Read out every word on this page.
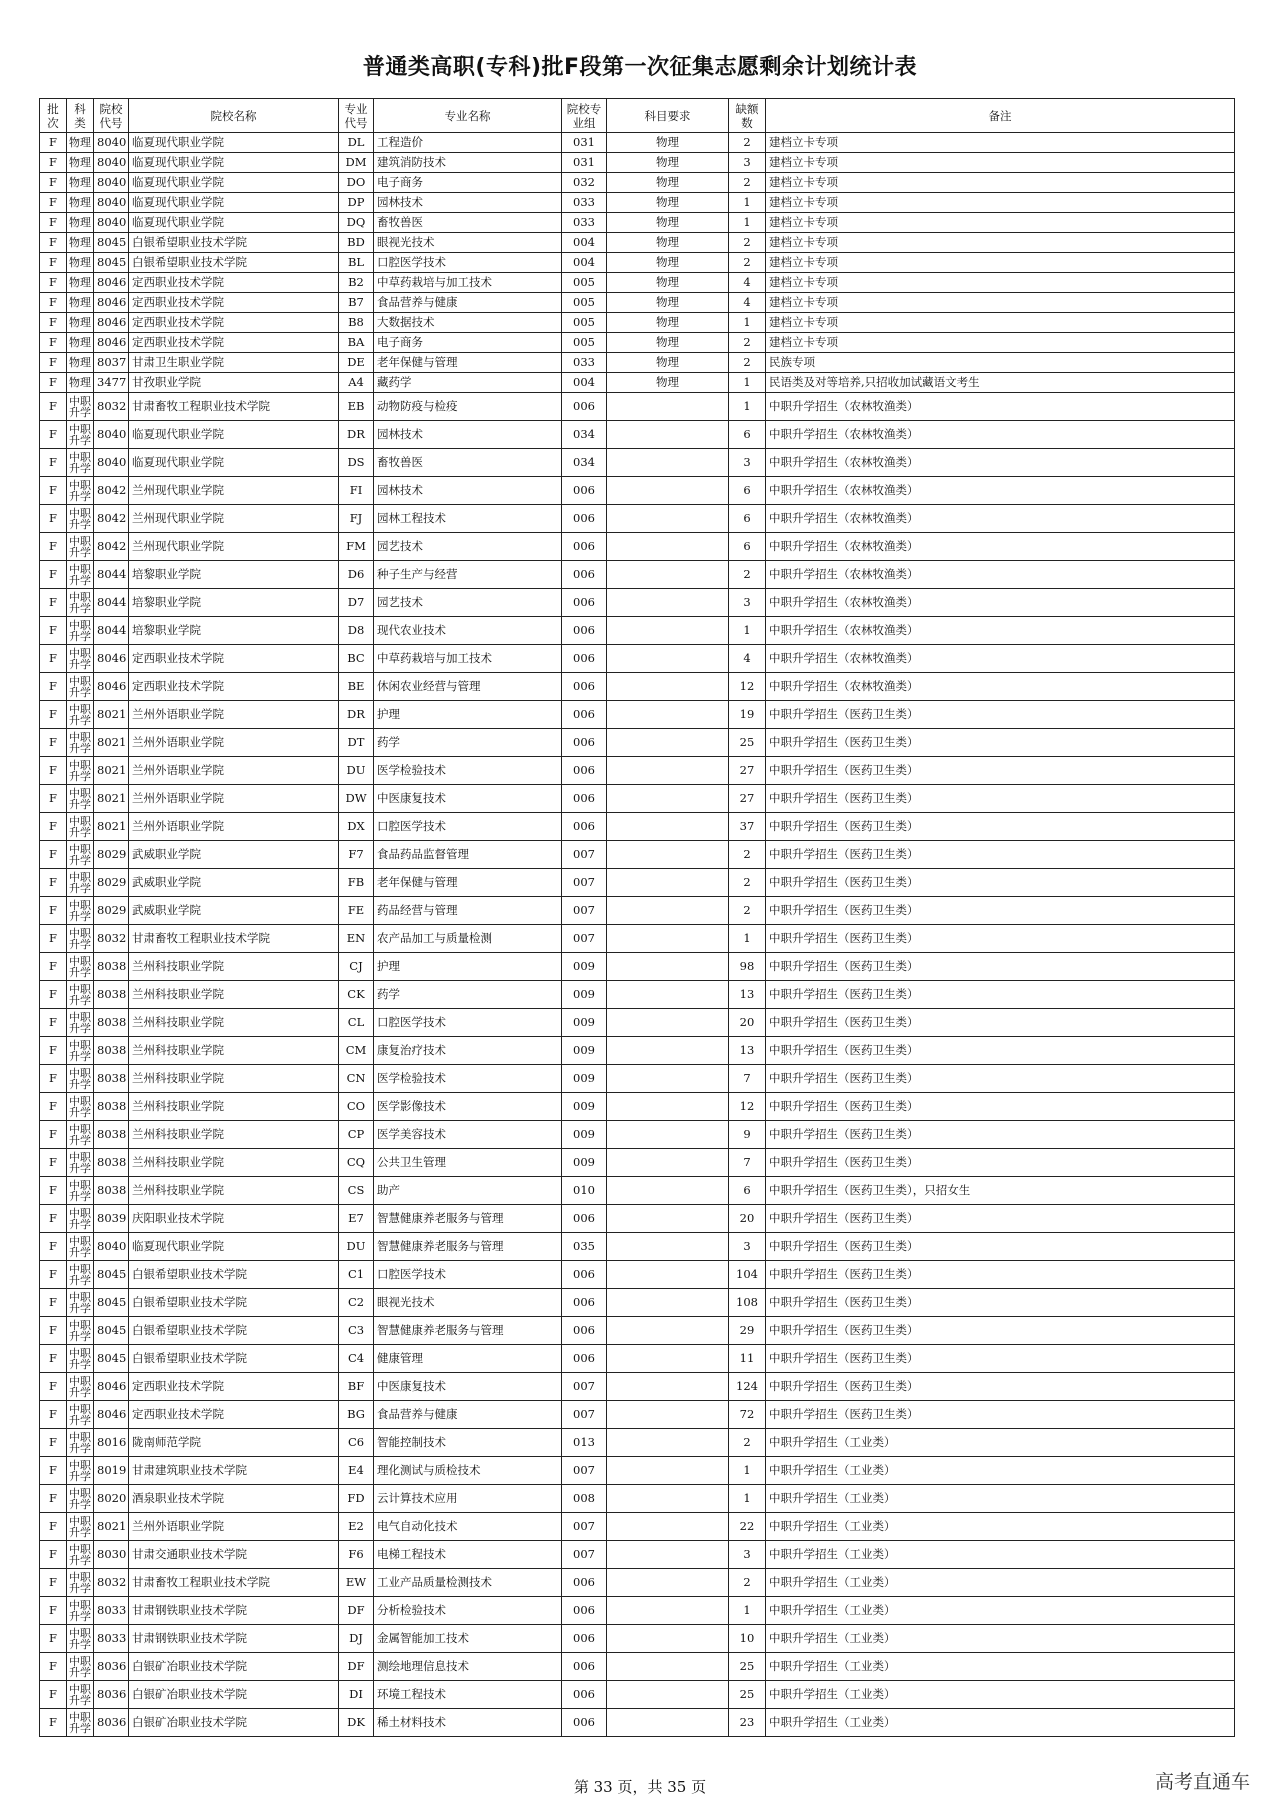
普通类高职(专科)批F段第一次征集志愿剩余计划统计表
批次	科类	院校代号	院校名称	专业代号	专业名称	院校专业组	科目要求	缺额数	备注
F	物理	8040	临夏现代职业学院	DL	工程造价	031	物理	2	建档立卡专项
F	物理	8040	临夏现代职业学院	DM	建筑消防技术	031	物理	3	建档立卡专项
F	物理	8040	临夏现代职业学院	DO	电子商务	032	物理	2	建档立卡专项
F	物理	8040	临夏现代职业学院	DP	园林技术	033	物理	1	建档立卡专项
F	物理	8040	临夏现代职业学院	DQ	畜牧兽医	033	物理	1	建档立卡专项
F	物理	8045	白银希望职业技术学院	BD	眼视光技术	004	物理	2	建档立卡专项
F	物理	8045	白银希望职业技术学院	BL	口腔医学技术	004	物理	2	建档立卡专项
F	物理	8046	定西职业技术学院	B2	中草药栽培与加工技术	005	物理	4	建档立卡专项
F	物理	8046	定西职业技术学院	B7	食品营养与健康	005	物理	4	建档立卡专项
F	物理	8046	定西职业技术学院	B8	大数据技术	005	物理	1	建档立卡专项
F	物理	8046	定西职业技术学院	BA	电子商务	005	物理	2	建档立卡专项
F	物理	8037	甘肃卫生职业学院	DE	老年保健与管理	033	物理	2	民族专项
F	物理	3477	甘孜职业学院	A4	藏药学	004	物理	1	民语类及对等培养,只招收加试藏语文考生
F	中职升学	8032	甘肃畜牧工程职业技术学院	EB	动物防疫与检疫	006		1	中职升学招生（农林牧渔类）
F	中职升学	8040	临夏现代职业学院	DR	园林技术	034		6	中职升学招生（农林牧渔类）
F	中职升学	8040	临夏现代职业学院	DS	畜牧兽医	034		3	中职升学招生（农林牧渔类）
F	中职升学	8042	兰州现代职业学院	FI	园林技术	006		6	中职升学招生（农林牧渔类）
F	中职升学	8042	兰州现代职业学院	FJ	园林工程技术	006		6	中职升学招生（农林牧渔类）
F	中职升学	8042	兰州现代职业学院	FM	园艺技术	006		6	中职升学招生（农林牧渔类）
F	中职升学	8044	培黎职业学院	D6	种子生产与经营	006		2	中职升学招生（农林牧渔类）
F	中职升学	8044	培黎职业学院	D7	园艺技术	006		3	中职升学招生（农林牧渔类）
F	中职升学	8044	培黎职业学院	D8	现代农业技术	006		1	中职升学招生（农林牧渔类）
F	中职升学	8046	定西职业技术学院	BC	中草药栽培与加工技术	006		4	中职升学招生（农林牧渔类）
F	中职升学	8046	定西职业技术学院	BE	休闲农业经营与管理	006		12	中职升学招生（农林牧渔类）
F	中职升学	8021	兰州外语职业学院	DR	护理	006		19	中职升学招生（医药卫生类）
F	中职升学	8021	兰州外语职业学院	DT	药学	006		25	中职升学招生（医药卫生类）
F	中职升学	8021	兰州外语职业学院	DU	医学检验技术	006		27	中职升学招生（医药卫生类）
F	中职升学	8021	兰州外语职业学院	DW	中医康复技术	006		27	中职升学招生（医药卫生类）
F	中职升学	8021	兰州外语职业学院	DX	口腔医学技术	006		37	中职升学招生（医药卫生类）
F	中职升学	8029	武威职业学院	F7	食品药品监督管理	007		2	中职升学招生（医药卫生类）
F	中职升学	8029	武威职业学院	FB	老年保健与管理	007		2	中职升学招生（医药卫生类）
F	中职升学	8029	武威职业学院	FE	药品经营与管理	007		2	中职升学招生（医药卫生类）
F	中职升学	8032	甘肃畜牧工程职业技术学院	EN	农产品加工与质量检测	007		1	中职升学招生（医药卫生类）
F	中职升学	8038	兰州科技职业学院	CJ	护理	009		98	中职升学招生（医药卫生类）
F	中职升学	8038	兰州科技职业学院	CK	药学	009		13	中职升学招生（医药卫生类）
F	中职升学	8038	兰州科技职业学院	CL	口腔医学技术	009		20	中职升学招生（医药卫生类）
F	中职升学	8038	兰州科技职业学院	CM	康复治疗技术	009		13	中职升学招生（医药卫生类）
F	中职升学	8038	兰州科技职业学院	CN	医学检验技术	009		7	中职升学招生（医药卫生类）
F	中职升学	8038	兰州科技职业学院	CO	医学影像技术	009		12	中职升学招生（医药卫生类）
F	中职升学	8038	兰州科技职业学院	CP	医学美容技术	009		9	中职升学招生（医药卫生类）
F	中职升学	8038	兰州科技职业学院	CQ	公共卫生管理	009		7	中职升学招生（医药卫生类）
F	中职升学	8038	兰州科技职业学院	CS	助产	010		6	中职升学招生（医药卫生类），只招女生
F	中职升学	8039	庆阳职业技术学院	E7	智慧健康养老服务与管理	006		20	中职升学招生（医药卫生类）
F	中职升学	8040	临夏现代职业学院	DU	智慧健康养老服务与管理	035		3	中职升学招生（医药卫生类）
F	中职升学	8045	白银希望职业技术学院	C1	口腔医学技术	006		104	中职升学招生（医药卫生类）
F	中职升学	8045	白银希望职业技术学院	C2	眼视光技术	006		108	中职升学招生（医药卫生类）
F	中职升学	8045	白银希望职业技术学院	C3	智慧健康养老服务与管理	006		29	中职升学招生（医药卫生类）
F	中职升学	8045	白银希望职业技术学院	C4	健康管理	006		11	中职升学招生（医药卫生类）
F	中职升学	8046	定西职业技术学院	BF	中医康复技术	007		124	中职升学招生（医药卫生类）
F	中职升学	8046	定西职业技术学院	BG	食品营养与健康	007		72	中职升学招生（医药卫生类）
F	中职升学	8016	陇南师范学院	C6	智能控制技术	013		2	中职升学招生（工业类）
F	中职升学	8019	甘肃建筑职业技术学院	E4	理化测试与质检技术	007		1	中职升学招生（工业类）
F	中职升学	8020	酒泉职业技术学院	FD	云计算技术应用	008		1	中职升学招生（工业类）
F	中职升学	8021	兰州外语职业学院	E2	电气自动化技术	007		22	中职升学招生（工业类）
F	中职升学	8030	甘肃交通职业技术学院	F6	电梯工程技术	007		3	中职升学招生（工业类）
F	中职升学	8032	甘肃畜牧工程职业技术学院	EW	工业产品质量检测技术	006		2	中职升学招生（工业类）
F	中职升学	8033	甘肃钢铁职业技术学院	DF	分析检验技术	006		1	中职升学招生（工业类）
F	中职升学	8033	甘肃钢铁职业技术学院	DJ	金属智能加工技术	006		10	中职升学招生（工业类）
F	中职升学	8036	白银矿冶职业技术学院	DF	测绘地理信息技术	006		25	中职升学招生（工业类）
F	中职升学	8036	白银矿冶职业技术学院	DI	环境工程技术	006		25	中职升学招生（工业类）
F	中职升学	8036	白银矿冶职业技术学院	DK	稀土材料技术	006		23	中职升学招生（工业类）
第 33 页，共 35 页	高考直通车
